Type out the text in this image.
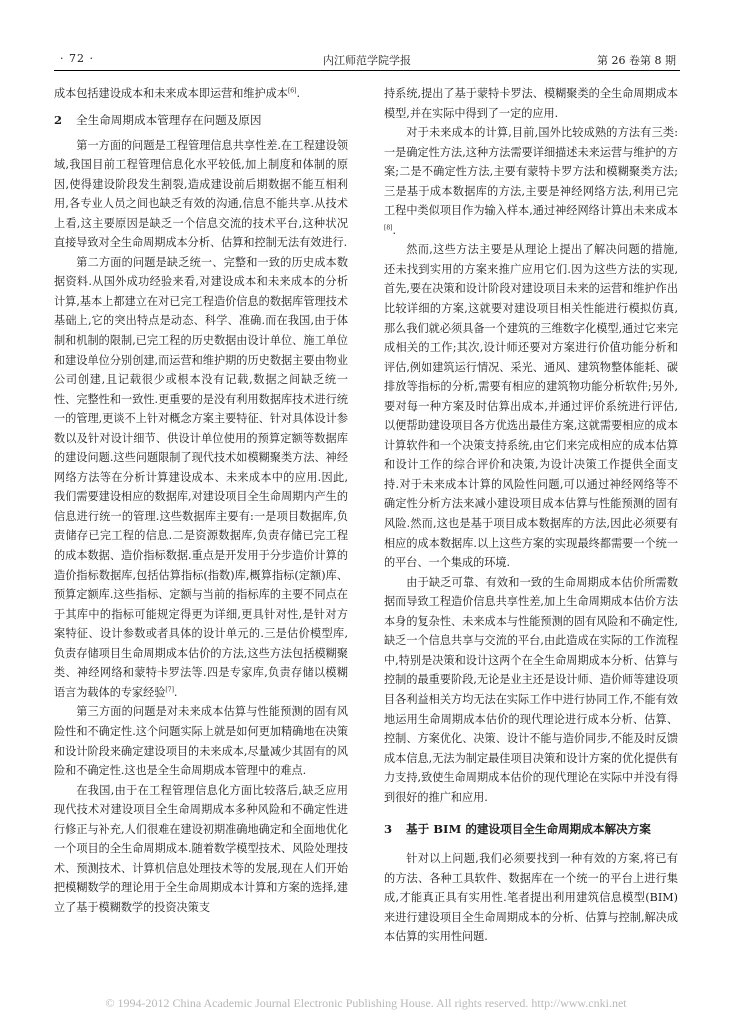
· 72 ·	内江师范学院学报	第 26 卷第 8 期

成本包括建设成本和未来成本即运营和维护成本[6].

2 全生命周期成本管理存在问题及原因

第一方面的问题是工程管理信息共享性差.在工程建设领域,我国目前工程管理信息化水平较低,加上制度和体制的原因,使得建设阶段发生割裂,造成建设前后期数据不能互相利用,各专业人员之间也缺乏有效的沟通,信息不能共享.从技术上看,这主要原因是缺乏一个信息交流的技术平台,这种状况直接导致对全生命周期成本分析、估算和控制无法有效进行.

第二方面的问题是缺乏统一、完整和一致的历史成本数据资料.从国外成功经验来看,对建设成本和未来成本的分析计算,基本上都建立在对已完工程造价信息的数据库管理技术基础上,它的突出特点是动态、科学、准确.而在我国,由于体制和机制的限制,已完工程的历史数据由设计单位、施工单位和建设单位分别创建,而运营和维护期的历史数据主要由物业公司创建,且记载很少或根本没有记载,数据之间缺乏统一性、完整性和一致性.更重要的是没有利用数据库技术进行统一的管理,更谈不上针对概念方案主要特征、针对具体设计参数以及针对设计细节、供设计单位使用的预算定额等数据库的建设问题.这些问题限制了现代技术如模糊聚类方法、神经网络方法等在分析计算建设成本、未来成本中的应用.因此,我们需要建设相应的数据库,对建设项目全生命周期内产生的信息进行统一的管理.这些数据库主要有:一是项目数据库,负责储存已完工程的信息.二是资源数据库,负责存储已完工程的成本数据、造价指标数据.重点是开发用于分步造价计算的造价指标数据库,包括估算指标(指数)库,概算指标(定额)库、预算定额库.这些指标、定额与当前的指标库的主要不同点在于其库中的指标可能规定得更为详细,更具针对性,是针对方案特征、设计参数或者具体的设计单元的.三是估价模型库,负责存储项目生命周期成本估价的方法,这些方法包括模糊聚类、神经网络和蒙特卡罗法等.四是专家库,负责存储以模糊语言为载体的专家经验[7].

第三方面的问题是对未来成本估算与性能预测的固有风险性和不确定性.这个问题实际上就是如何更加精确地在决策和设计阶段来确定建设项目的未来成本,尽量减少其固有的风险和不确定性.这也是全生命周期成本管理中的难点.

在我国,由于在工程管理信息化方面比较落后,缺乏应用现代技术对建设项目全生命周期成本多种风险和不确定性进行修正与补充,人们很难在建设初期准确地确定和全面地优化一个项目的全生命周期成本.随着数学模型技术、风险处理技术、预测技术、计算机信息处理技术等的发展,现在人们开始把模糊数学的理论用于全生命周期成本计算和方案的选择,建立了基于模糊数学的投资决策支

持系统,提出了基于蒙特卡罗法、模糊聚类的全生命周期成本模型,并在实际中得到了一定的应用.

对于未来成本的计算,目前,国外比较成熟的方法有三类:一是确定性方法,这种方法需要详细描述未来运营与维护的方案;二是不确定性方法,主要有蒙特卡罗方法和模糊聚类方法;三是基于成本数据库的方法,主要是神经网络方法,利用已完工程中类似项目作为输入样本,通过神经网络计算出未来成本[8].

然而,这些方法主要是从理论上提出了解决问题的措施,还未找到实用的方案来推广应用它们.因为这些方法的实现,首先,要在决策和设计阶段对建设项目未来的运营和维护作出比较详细的方案,这就要对建设项目相关性能进行模拟仿真,那么我们就必须具备一个建筑的三维数字化模型,通过它来完成相关的工作;其次,设计师还要对方案进行价值功能分析和评估,例如建筑运行情况、采光、通风、建筑物整体能耗、碳排放等指标的分析,需要有相应的建筑物功能分析软件;另外,要对每一种方案及时估算出成本,并通过评价系统进行评估,以便帮助建设项目各方优选出最佳方案,这就需要相应的成本计算软件和一个决策支持系统,由它们来完成相应的成本估算和设计工作的综合评价和决策,为设计决策工作提供全面支持.对于未来成本计算的风险性问题,可以通过神经网络等不确定性分析方法来减小建设项目成本估算与性能预测的固有风险.然而,这也是基于项目成本数据库的方法,因此必须要有相应的成本数据库.以上这些方案的实现最终都需要一个统一的平台、一个集成的环境.

由于缺乏可靠、有效和一致的生命周期成本估价所需数据而导致工程造价信息共享性差,加上生命周期成本估价方法本身的复杂性、未来成本与性能预测的固有风险和不确定性,缺乏一个信息共享与交流的平台,由此造成在实际的工作流程中,特别是决策和设计这两个在全生命周期成本分析、估算与控制的最重要阶段,无论是业主还是设计师、造价师等建设项目各利益相关方均无法在实际工作中进行协同工作,不能有效地运用生命周期成本估价的现代理论进行成本分析、估算、控制、方案优化、决策、设计不能与造价同步,不能及时反馈成本信息,无法为制定最佳项目决策和设计方案的优化提供有力支持,致使生命周期成本估价的现代理论在实际中并没有得到很好的推广和应用.

3 基于 BIM 的建设项目全生命周期成本解决方案

针对以上问题,我们必须要找到一种有效的方案,将已有的方法、各种工具软件、数据库在一个统一的平台上进行集成,才能真正具有实用性.笔者提出利用建筑信息模型(BIM)来进行建设项目全生命周期成本的分析、估算与控制,解决成本估算的实用性问题.

© 1994-2012 China Academic Journal Electronic Publishing House. All rights reserved. http://www.cnki.net
